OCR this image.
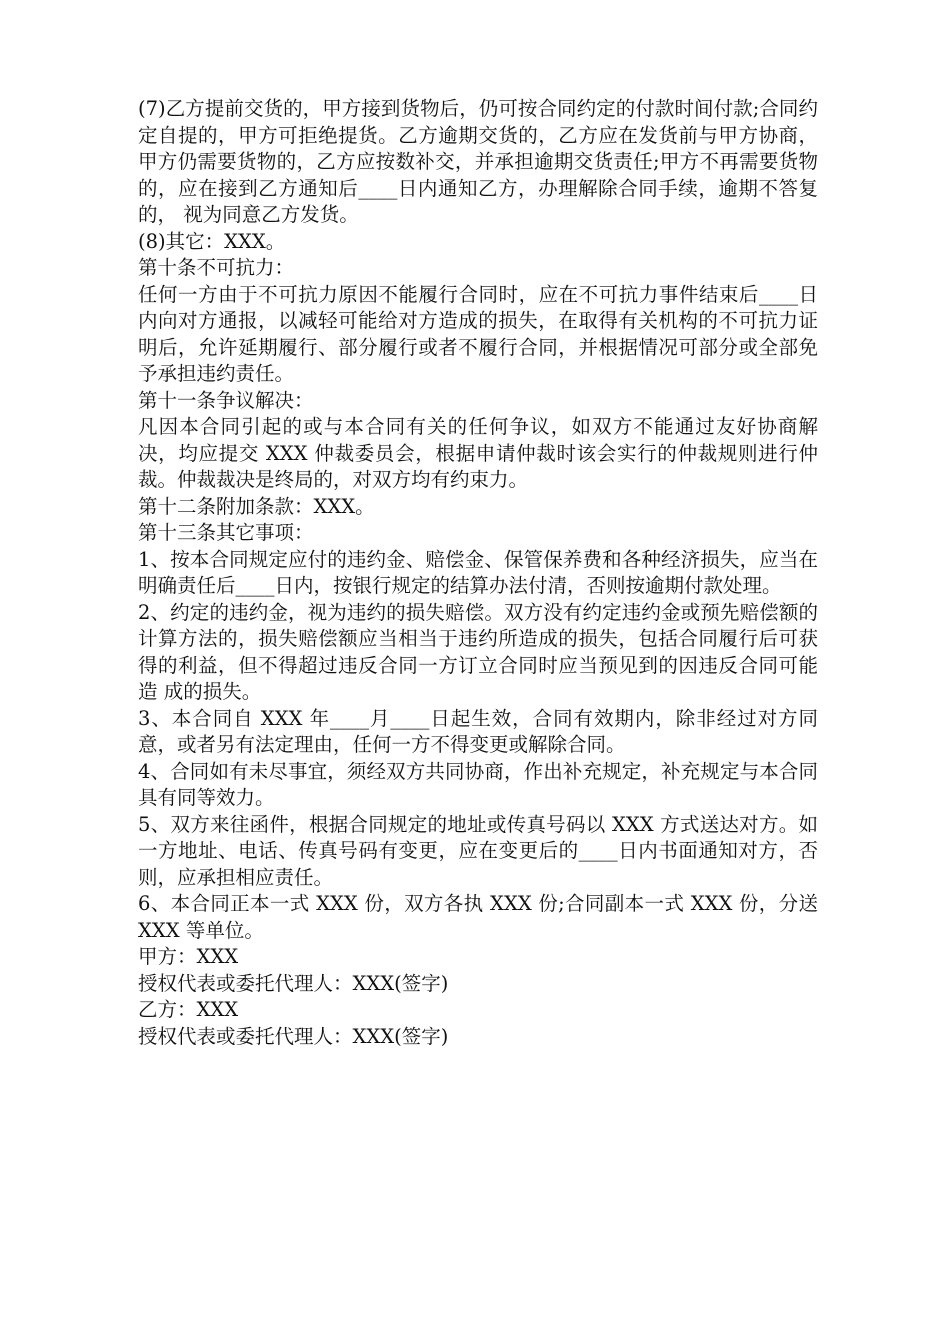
(7)乙方提前交货的，甲方接到货物后，仍可按合同约定的付款时间付款;合同约定自提的，甲方可拒绝提货。乙方逾期交货的，乙方应在发货前与甲方协商，甲方仍需要货物的，乙方应按数补交，并承担逾期交货责任;甲方不再需要货物 的，应在接到乙方通知后____日内通知乙方，办理解除合同手续，逾期不答复的， 视为同意乙方发货。

(8)其它：XXX。

第十条不可抗力：

任何一方由于不可抗力原因不能履行合同时，应在不可抗力事件结束后____日内向对方通报，以减轻可能给对方造成的损失，在取得有关机构的不可抗力证明后，允许延期履行、部分履行或者不履行合同，并根据情况可部分或全部免 予承担违约责任。

第十一条争议解决：

凡因本合同引起的或与本合同有关的任何争议，如双方不能通过友好协商解决，均应提交 XXX 仲裁委员会，根据申请仲裁时该会实行的仲裁规则进行仲裁。仲裁裁决是终局的，对双方均有约束力。

第十二条附加条款：XXX。

第十三条其它事项：

1、按本合同规定应付的违约金、赔偿金、保管保养费和各种经济损失，应当在明确责任后____日内，按银行规定的结算办法付清，否则按逾期付款处理。

2、约定的违约金，视为违约的损失赔偿。双方没有约定违约金或预先赔偿额的计算方法的，损失赔偿额应当相当于违约所造成的损失，包括合同履行后可获 得的利益，但不得超过违反合同一方订立合同时应当预见到的因违反合同可能造 成的损失。

3、本合同自 XXX 年____月____日起生效，合同有效期内，除非经过对方同意，或者另有法定理由，任何一方不得变更或解除合同。

4、合同如有未尽事宜，须经双方共同协商，作出补充规定，补充规定与本合同具有同等效力。

5、双方来往函件，根据合同规定的地址或传真号码以 XXX 方式送达对方。如一方地址、电话、传真号码有变更，应在变更后的____日内书面通知对方，否 则，应承担相应责任。

6、本合同正本一式 XXX 份，双方各执 XXX 份;合同副本一式 XXX 份，分送 XXX 等单位。

甲方：XXX

授权代表或委托代理人：XXX(签字)

乙方：XXX

授权代表或委托代理人：XXX(签字)
